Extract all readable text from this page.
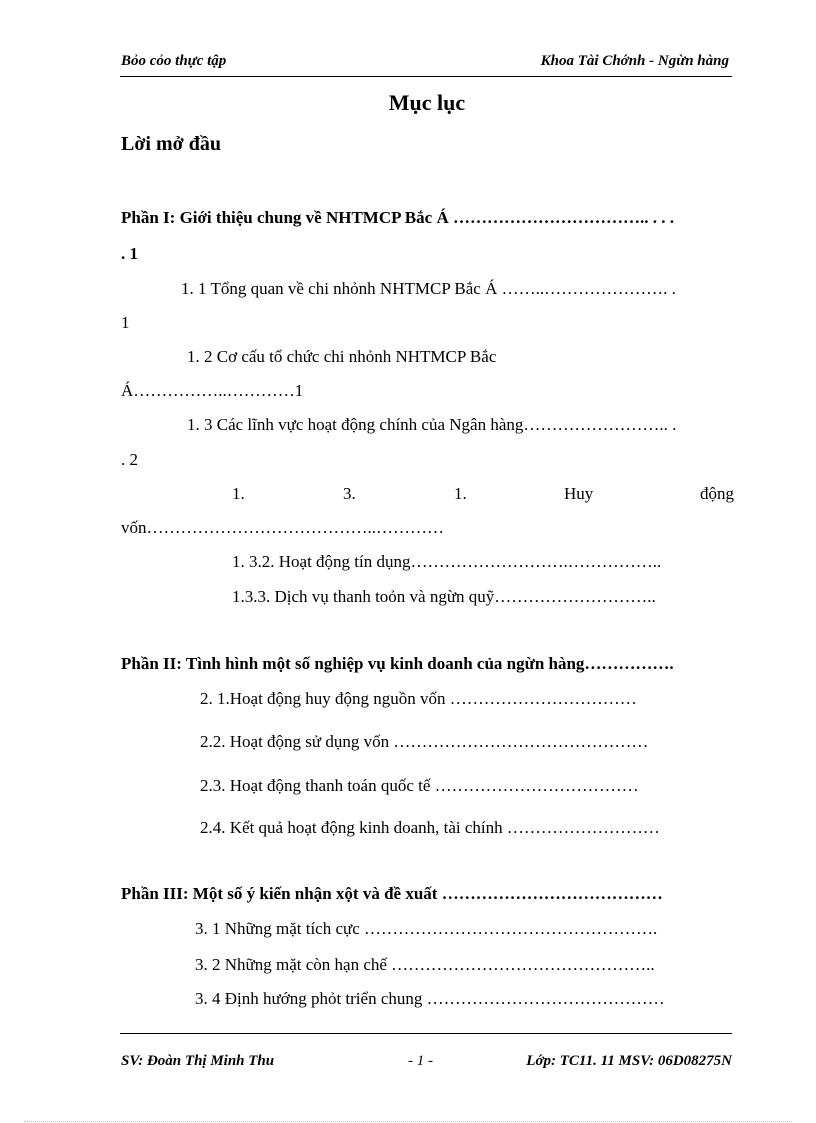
Bỏo cỏo thực tập	Khoa Tài Chớnh - Ngừn hàng
Mục lục
Lời mở đầu
Phần I: Giới thiệu chung về NHTMCP Bắc Á …………………………….. . . .
. 1
1. 1 Tổng quan về chi nhỏnh NHTMCP Bắc Á ……..…………………. .
1
1. 2 Cơ cấu tổ chức chi nhỏnh NHTMCP Bắc
Á……………..…………1
1. 3 Các lĩnh vực hoạt động chính của Ngân hàng…………………….. .
. 2
1.	3.	1.	Huy	động
vốn…………………………………..…………
1. 3.2. Hoạt động tín dụng……………………….……………..
1.3.3. Dịch vụ thanh toỏn và ngừn quỹ………………………..
Phần II: Tình hình một số nghiệp vụ kinh doanh của ngừn hàng…………….
2. 1.Hoạt động huy động nguồn vốn ……………………………
2.2. Hoạt động sử dụng vốn ………………………………………
2.3. Hoạt động thanh toán quốc tế ………………………………
2.4. Kết quả hoạt động kinh doanh, tài chính ………………………
Phần III: Một số ý kiến nhận xột và đề xuất …………………………………
3. 1 Những mặt tích cực …………………………………………….
3. 2 Những mặt còn hạn chế ………………………………………..
3. 4 Định hướng phỏt triển chung ……………………………………
SV: Đoàn Thị Minh Thu	- 1 -	Lớp: TC11. 11 MSV: 06D08275N
